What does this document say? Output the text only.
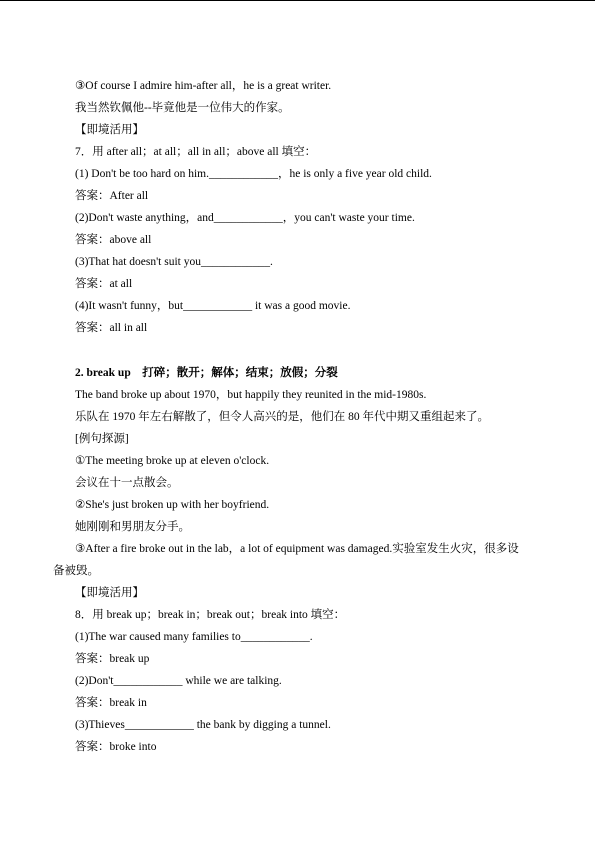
③Of course I admire him-after all，he is a great writer.
我当然钦佩他--毕竟他是一位伟大的作家。
【即境活用】
7．用 after all；at all；all in all；above all 填空：
(1) Don't be too hard on him.____________，he is only a five year old child.
答案：After all
(2)Don't waste anything，and____________，you can't waste your time.
答案：above all
(3)That hat doesn't suit you____________.
答案：at all
(4)It wasn't funny，but____________ it was a good movie.
答案：all in all
2. break up　打碎；散开；解体；结束；放假；分裂
The band broke up about 1970，but happily they reunited in the mid-1980s.
乐队在 1970 年左右解散了，但令人高兴的是，他们在 80 年代中期又重组起来了。
[例句探源]
①The meeting broke up at eleven o'clock.
会议在十一点散会。
②She's just broken up with her boyfriend.
她刚刚和男朋友分手。
③After a fire broke out in the lab，a lot of equipment was damaged.实验室发生火灾，很多设
备被毁。
【即境活用】
8．用 break up；break in；break out；break into 填空：
(1)The war caused many families to____________.
答案：break up
(2)Don't____________ while we are talking.
答案：break in
(3)Thieves____________ the bank by digging a tunnel.
答案：broke into
